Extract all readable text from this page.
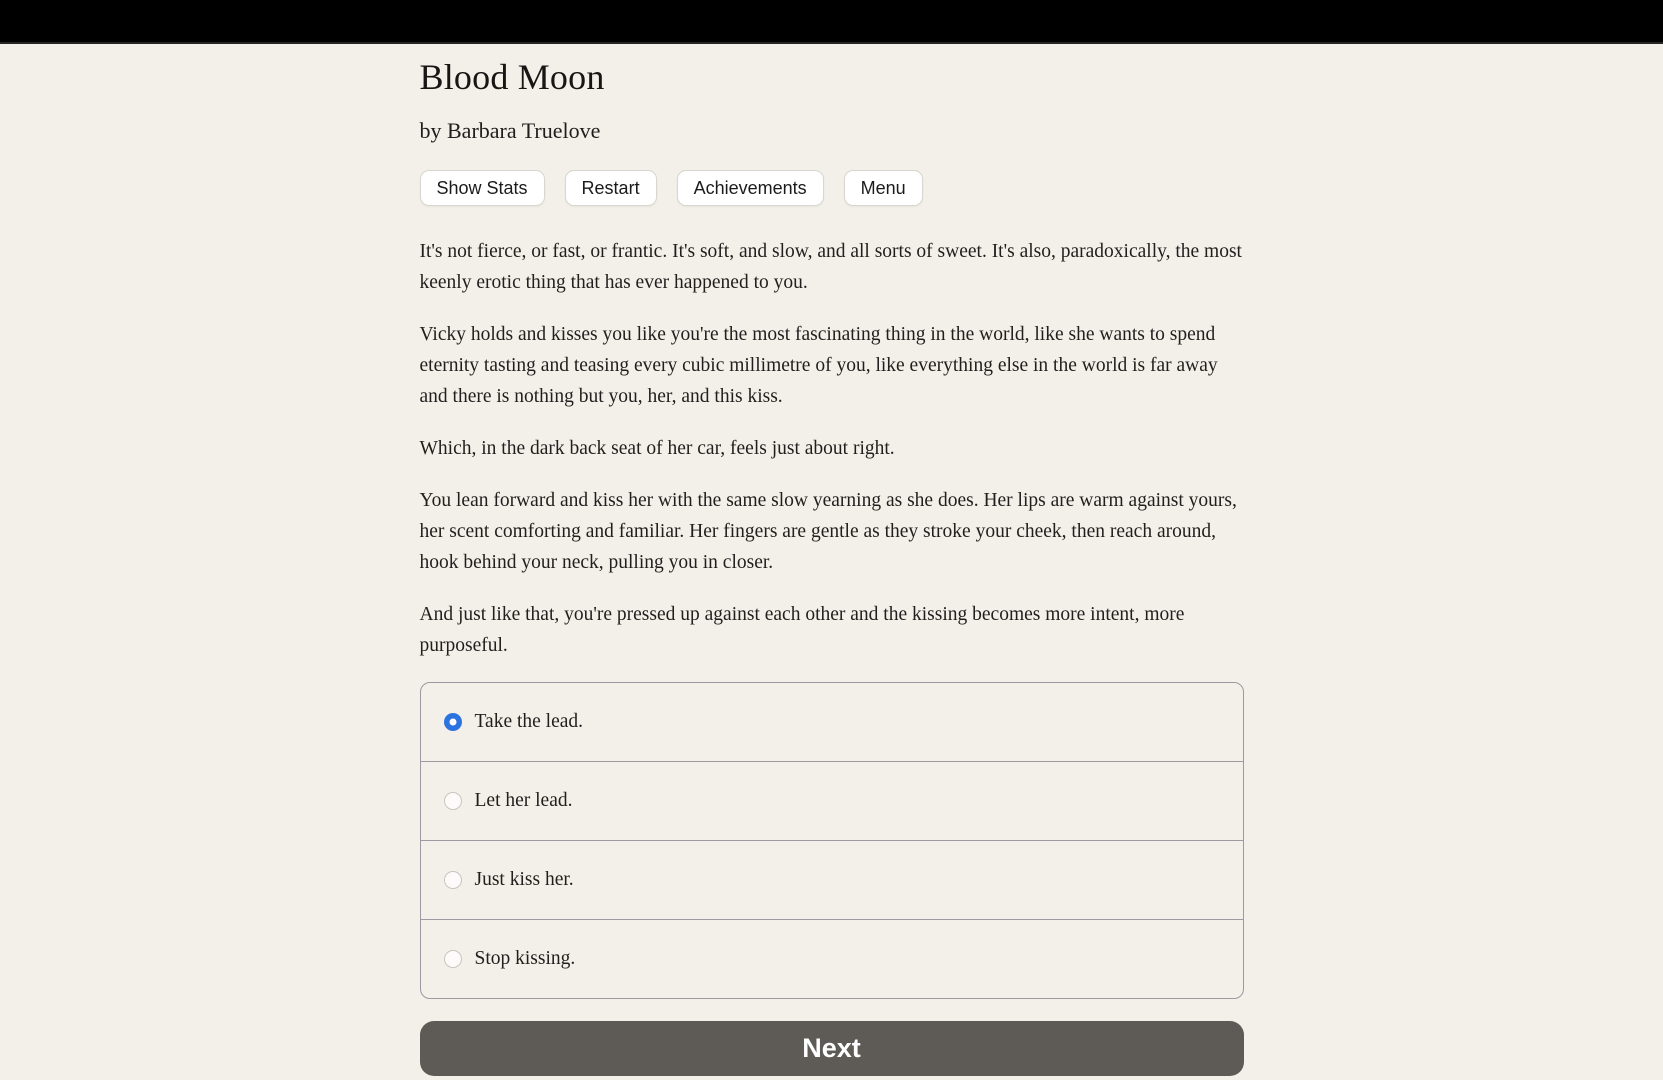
Blood Moon
by Barbara Truelove
Show Stats	Restart	Achievements	Menu

It's not fierce, or fast, or frantic. It's soft, and slow, and all sorts of sweet. It's also, paradoxically, the most keenly erotic thing that has ever happened to you.

Vicky holds and kisses you like you're the most fascinating thing in the world, like she wants to spend eternity tasting and teasing every cubic millimetre of you, like everything else in the world is far away and there is nothing but you, her, and this kiss.

Which, in the dark back seat of her car, feels just about right.

You lean forward and kiss her with the same slow yearning as she does. Her lips are warm against yours, her scent comforting and familiar. Her fingers are gentle as they stroke your cheek, then reach around, hook behind your neck, pulling you in closer.

And just like that, you're pressed up against each other and the kissing becomes more intent, more purposeful.

Take the lead.
Let her lead.
Just kiss her.
Stop kissing.
Next
